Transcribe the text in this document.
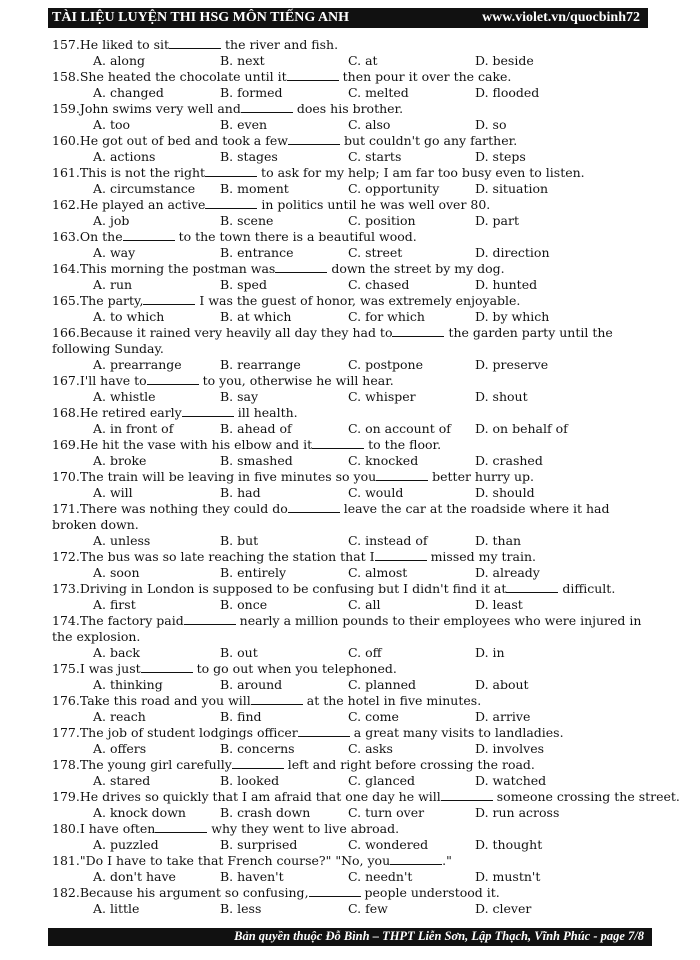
TÀI LIỆU LUYỆN THI HSG MÔN TIẾNG ANH	www.violet.vn/quocbinh72
157.He liked to sit	the river and fish.
A. along	B. next	C. at	D. beside
158.She heated the chocolate until it	then pour it over the cake.
A. changed	B. formed	C. melted	D. flooded
159.John swims very well and	does his brother.
A. too	B. even	C. also	D. so
160.He got out of bed and took a few	but couldn't go any farther.
A. actions	B. stages	C. starts	D. steps
161.This is not the right	to ask for my help; I am far too busy even to listen.
A. circumstance B. moment	C. opportunity	D. situation
162.He played an active	in politics until he was well over 80.
A. job	B. scene	C. position	D. part
163.On the	to the town there is a beautiful wood.
A. way	B. entrance	C. street	D. direction
164.This morning the postman was	down the street by my dog.
A. run	B. sped	C. chased	D. hunted
165.The party,	I was the guest of honor, was extremely enjoyable.
A. to which	B. at which	C. for which	D. by which
166.Because it rained very heavily all day they had to	the garden party until the following Sunday.
A. prearrange	B. rearrange	C. postpone	D. preserve
167.I'll have to	to you, otherwise he will hear.
A. whistle	B. say	C. whisper	D. shout
168.He retired early	ill health.
A. in front of	B. ahead of	C. on account of D. on behalf of
169.He hit the vase with his elbow and it	to the floor.
A. broke	B. smashed	C. knocked	D. crashed
170.The train will be leaving in five minutes so you	better hurry up.
A. will	B. had	C. would	D. should
171.There was nothing they could do	leave the car at the roadside where it had broken down.
A. unless	B. but	C. instead of	D. than
172.The bus was so late reaching the station that I	missed my train.
A. soon	B. entirely	C. almost	D. already
173.Driving in London is supposed to be confusing but I didn't find it at	difficult.
A. first	B. once	C. all	D. least
174.The factory paid	nearly a million pounds to their employees who were injured in the explosion.
A. back	B. out	C. off	D. in
175.I was just	to go out when you telephoned.
A. thinking	B. around	C. planned	D. about
176.Take this road and you will	at the hotel in five minutes.
A. reach	B. find	C. come	D. arrive
177.The job of student lodgings officer	a great many visits to landladies.
A. offers	B. concerns	C. asks	D. involves
178.The young girl carefully	left and right before crossing the road.
A. stared	B. looked	C. glanced	D. watched
179.He drives so quickly that I am afraid that one day he will	someone crossing the street.
A. knock down	B. crash down	C. turn over	D. run across
180.I have often	why they went to live abroad.
A. puzzled	B. surprised	C. wondered	D. thought
181."Do I have to take that French course?" "No, you	."
A. don't have	B. haven't	C. needn't	D. mustn't
182.Because his argument so confusing,	people understood it.
A. little	B. less	C. few	D. clever
Bản quyền thuộc Đỗ Bình – THPT Liễn Sơn, Lập Thạch, Vĩnh Phúc - page 7/8
